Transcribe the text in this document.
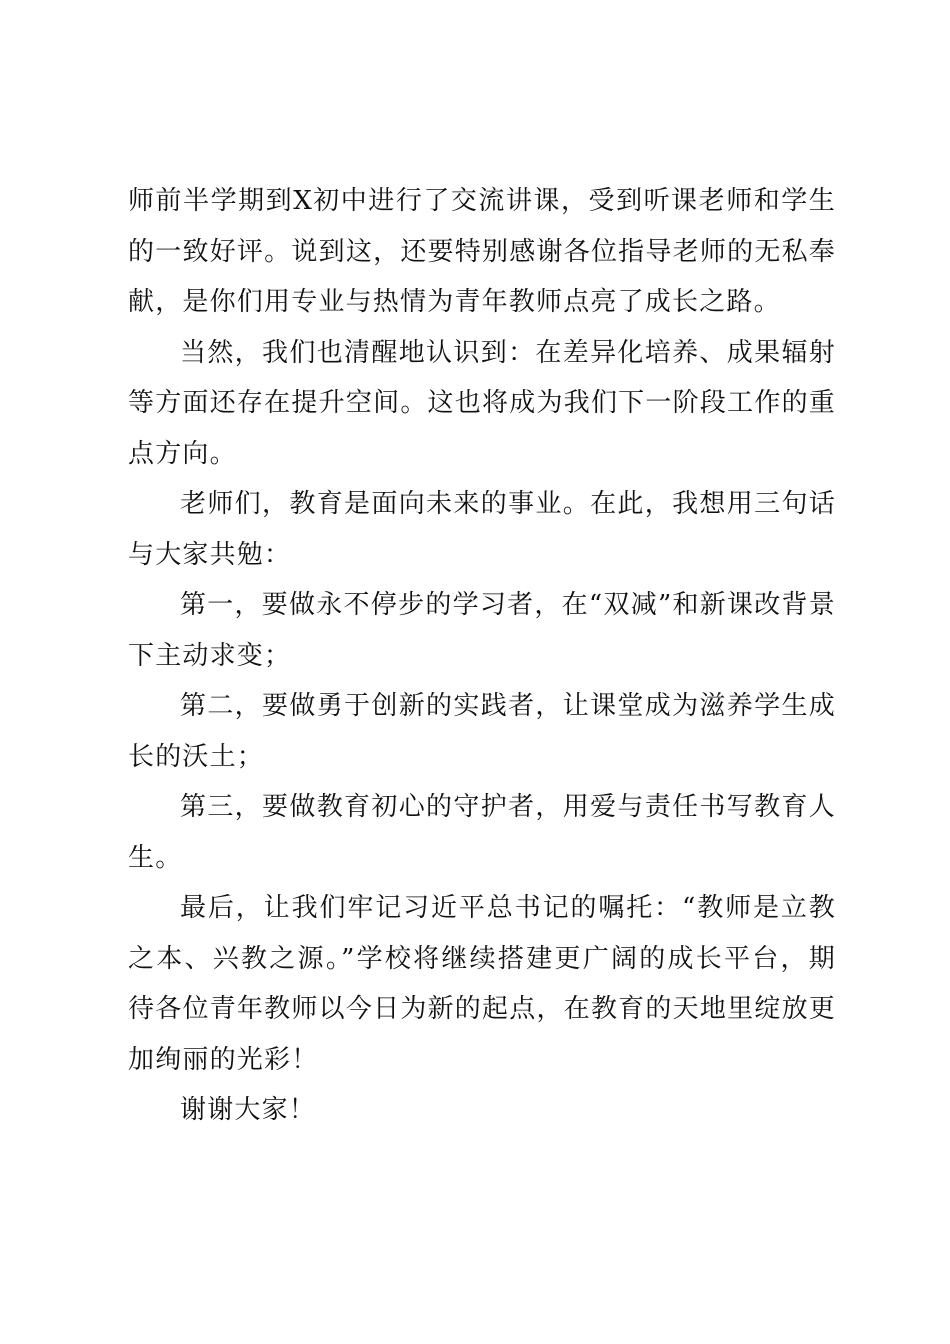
师前半学期到X初中进行了交流讲课，受到听课老师和学生的一致好评。说到这，还要特别感谢各位指导老师的无私奉献，是你们用专业与热情为青年教师点亮了成长之路。

当然，我们也清醒地认识到：在差异化培养、成果辐射等方面还存在提升空间。这也将成为我们下一阶段工作的重点方向。

老师们，教育是面向未来的事业。在此，我想用三句话与大家共勉：

第一，要做永不停步的学习者，在“双减”和新课改背景下主动求变；

第二，要做勇于创新的实践者，让课堂成为滋养学生成长的沃土；

第三，要做教育初心的守护者，用爱与责任书写教育人生。

最后，让我们牢记习近平总书记的嘱托：“教师是立教之本、兴教之源。”学校将继续搭建更广阔的成长平台，期待各位青年教师以今日为新的起点，在教育的天地里绽放更加绚丽的光彩！

谢谢大家！
